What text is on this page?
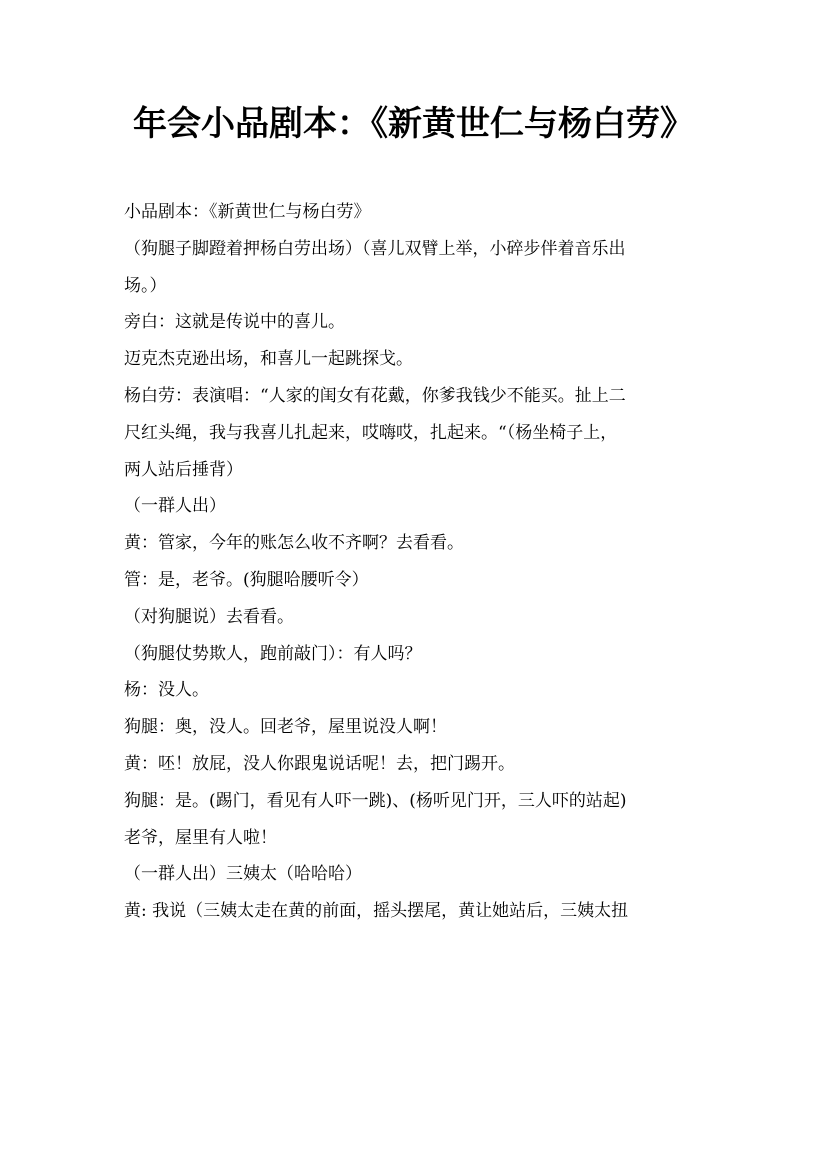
年会小品剧本：《新黄世仁与杨白劳》

小品剧本：《新黄世仁与杨白劳》

（狗腿子脚蹬着押杨白劳出场）（喜儿双臂上举，小碎步伴着音乐出

场。）

旁白：这就是传说中的喜儿。

迈克杰克逊出场，和喜儿一起跳探戈。

杨白劳：表演唱：“人家的闺女有花戴，你爹我钱少不能买。扯上二

尺红头绳，我与我喜儿扎起来，哎嗨哎，扎起来。“（杨坐椅子上，

两人站后捶背）

（一群人出）

黄：管家，今年的账怎么收不齐啊？去看看。

管：是，老爷。(狗腿哈腰听令）

（对狗腿说）去看看。

（狗腿仗势欺人，跑前敲门）：有人吗？

杨：没人。

狗腿：奥，没人。回老爷，屋里说没人啊！

黄：呸！放屁，没人你跟鬼说话呢！去，把门踢开。

狗腿：是。(踢门，看见有人吓一跳)、(杨听见门开，三人吓的站起)

老爷，屋里有人啦！

（一群人出）三姨太（哈哈哈）

黄: 我说（三姨太走在黄的前面，摇头摆尾，黄让她站后，三姨太扭
